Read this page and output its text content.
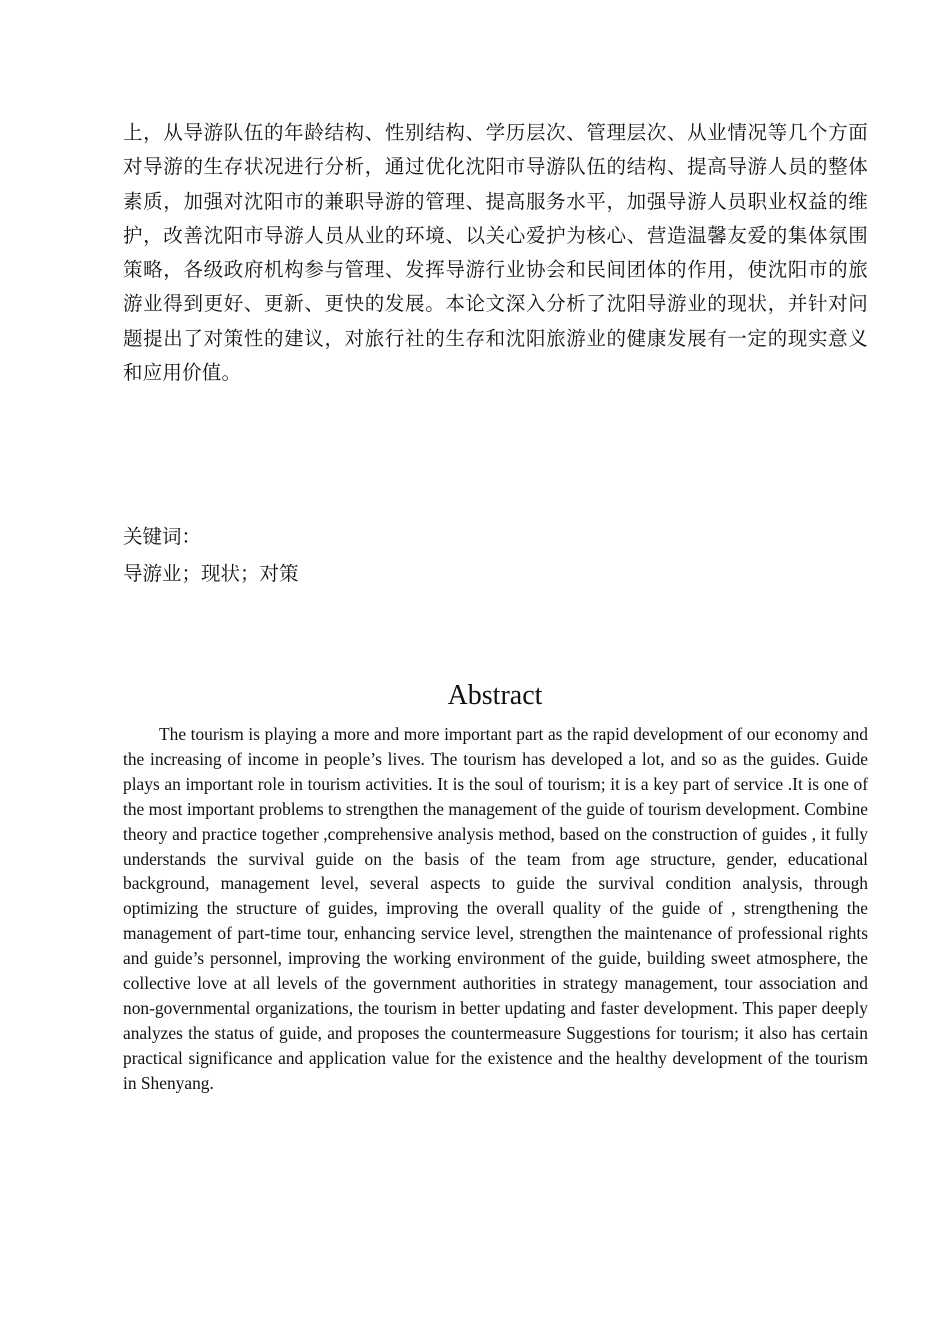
上，从导游队伍的年龄结构、性别结构、学历层次、管理层次、从业情况等几个方面对导游的生存状况进行分析，通过优化沈阳市导游队伍的结构、提高导游人员的整体素质，加强对沈阳市的兼职导游的管理、提高服务水平，加强导游人员职业权益的维护，改善沈阳市导游人员从业的环境、以关心爱护为核心、营造温馨友爱的集体氛围策略，各级政府机构参与管理、发挥导游行业协会和民间团体的作用，使沈阳市的旅游业得到更好、更新、更快的发展。本论文深入分析了沈阳导游业的现状，并针对问题提出了对策性的建议，对旅行社的生存和沈阳旅游业的健康发展有一定的现实意义和应用价值。

关键词：

导游业；现状；对策

Abstract

The tourism is playing a more and more important part as the rapid development of our economy and the increasing of income in people’s lives. The tourism has developed a lot, and so as the guides. Guide plays an important role in tourism activities. It is the soul of tourism; it is a key part of service .It is one of the most important problems to strengthen the management of the guide of tourism development. Combine theory and practice together ,comprehensive analysis method, based on the construction of guides , it fully understands the survival guide on the basis of the team from age structure, gender, educational background, management level, several aspects to guide the survival condition analysis, through optimizing the structure of guides, improving the overall quality of the guide of , strengthening the management of part-time tour, enhancing service level, strengthen the maintenance of professional rights and guide’s personnel, improving the working environment of the guide, building sweet atmosphere, the collective love at all levels of the government authorities in strategy management, tour association and non-governmental organizations, the tourism in better updating and faster development. This paper deeply analyzes the status of guide, and proposes the countermeasure Suggestions for tourism; it also has certain practical significance and application value for the existence and the healthy development of the tourism in Shenyang.
